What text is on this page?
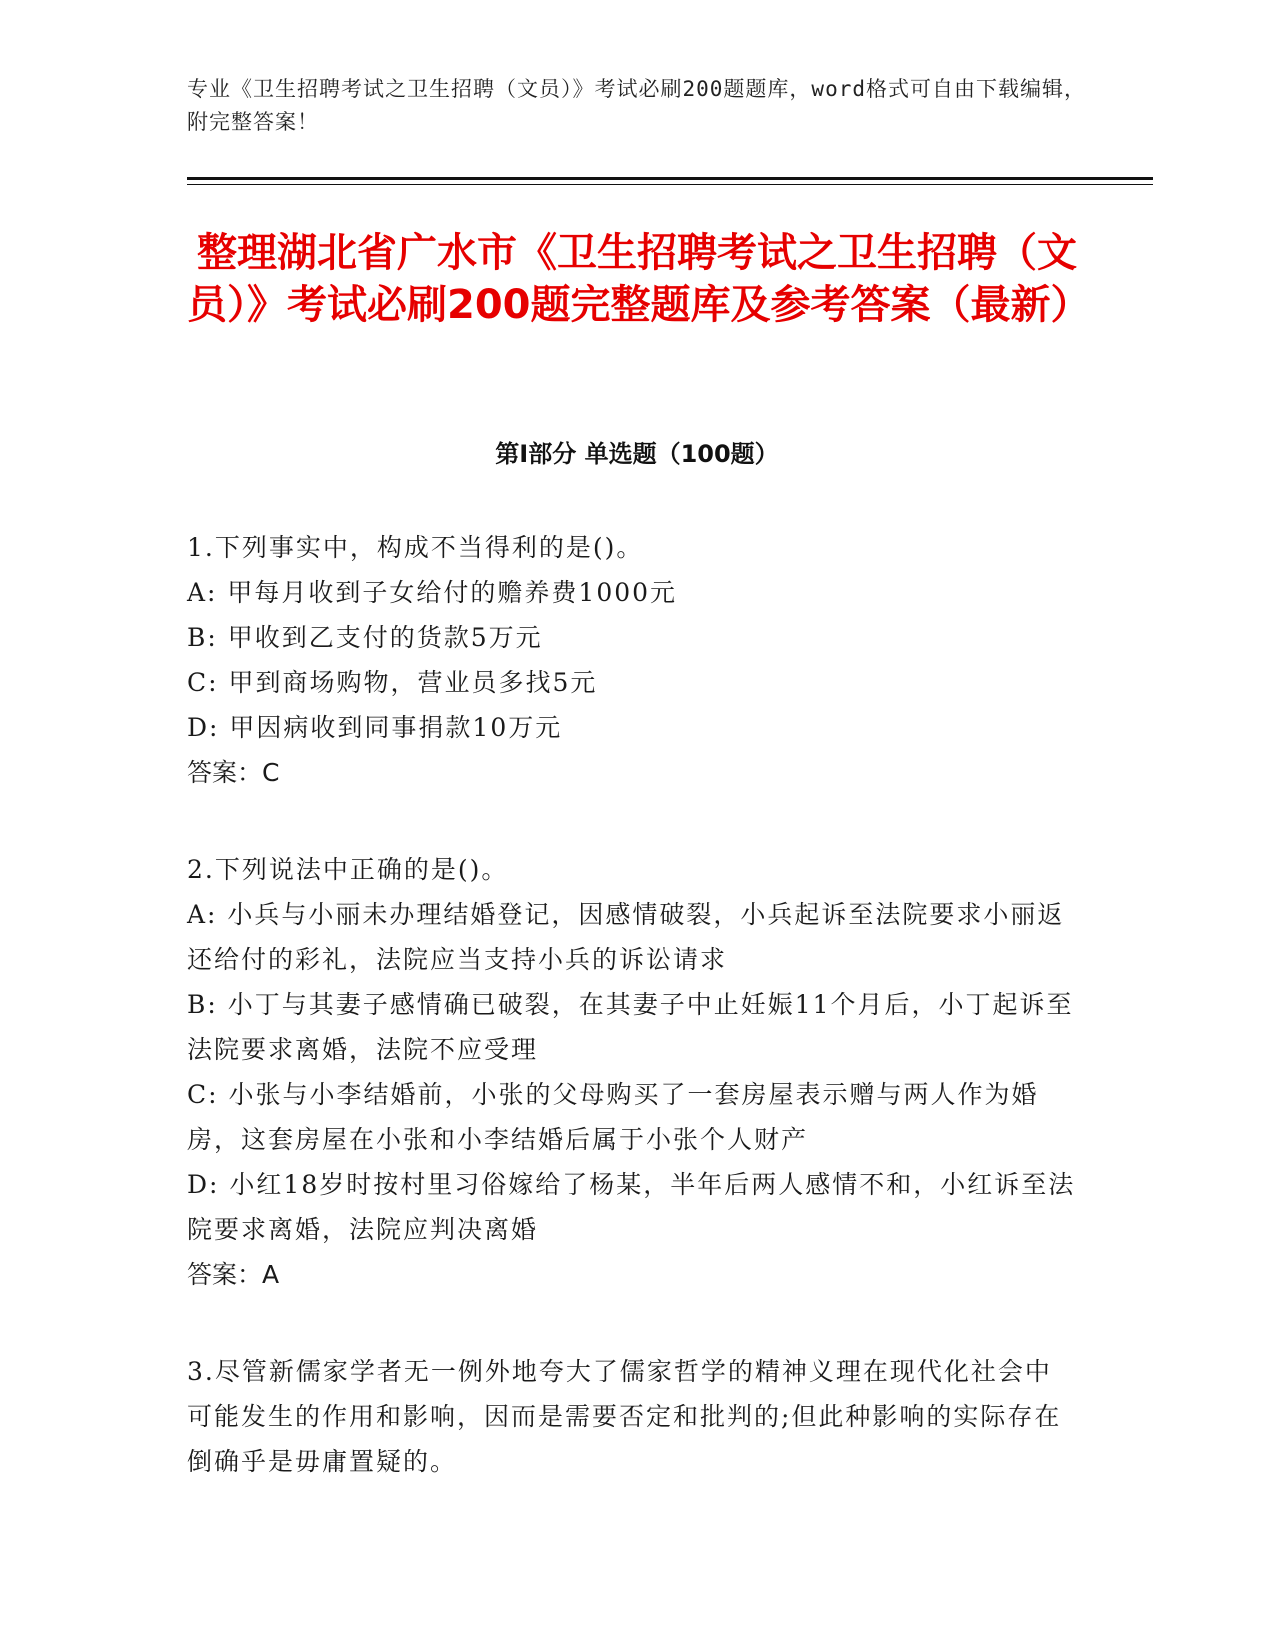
专业《卫生招聘考试之卫生招聘（文员）》考试必刷200题题库，word格式可自由下载编辑，附完整答案！
整理湖北省广水市《卫生招聘考试之卫生招聘（文员）》考试必刷200题完整题库及参考答案（最新）
第I部分 单选题（100题）
1.下列事实中，构成不当得利的是()。
A: 甲每月收到子女给付的赡养费1000元
B: 甲收到乙支付的货款5万元
C: 甲到商场购物，营业员多找5元
D: 甲因病收到同事捐款10万元
答案：C
2.下列说法中正确的是()。
A: 小兵与小丽未办理结婚登记，因感情破裂，小兵起诉至法院要求小丽返还给付的彩礼，法院应当支持小兵的诉讼请求
B: 小丁与其妻子感情确已破裂，在其妻子中止妊娠11个月后，小丁起诉至法院要求离婚，法院不应受理
C: 小张与小李结婚前，小张的父母购买了一套房屋表示赠与两人作为婚房，这套房屋在小张和小李结婚后属于小张个人财产
D: 小红18岁时按村里习俗嫁给了杨某，半年后两人感情不和，小红诉至法院要求离婚，法院应判决离婚
答案：A
3.尽管新儒家学者无一例外地夸大了儒家哲学的精神义理在现代化社会中可能发生的作用和影响，因而是需要否定和批判的;但此种影响的实际存在倒确乎是毋庸置疑的。
